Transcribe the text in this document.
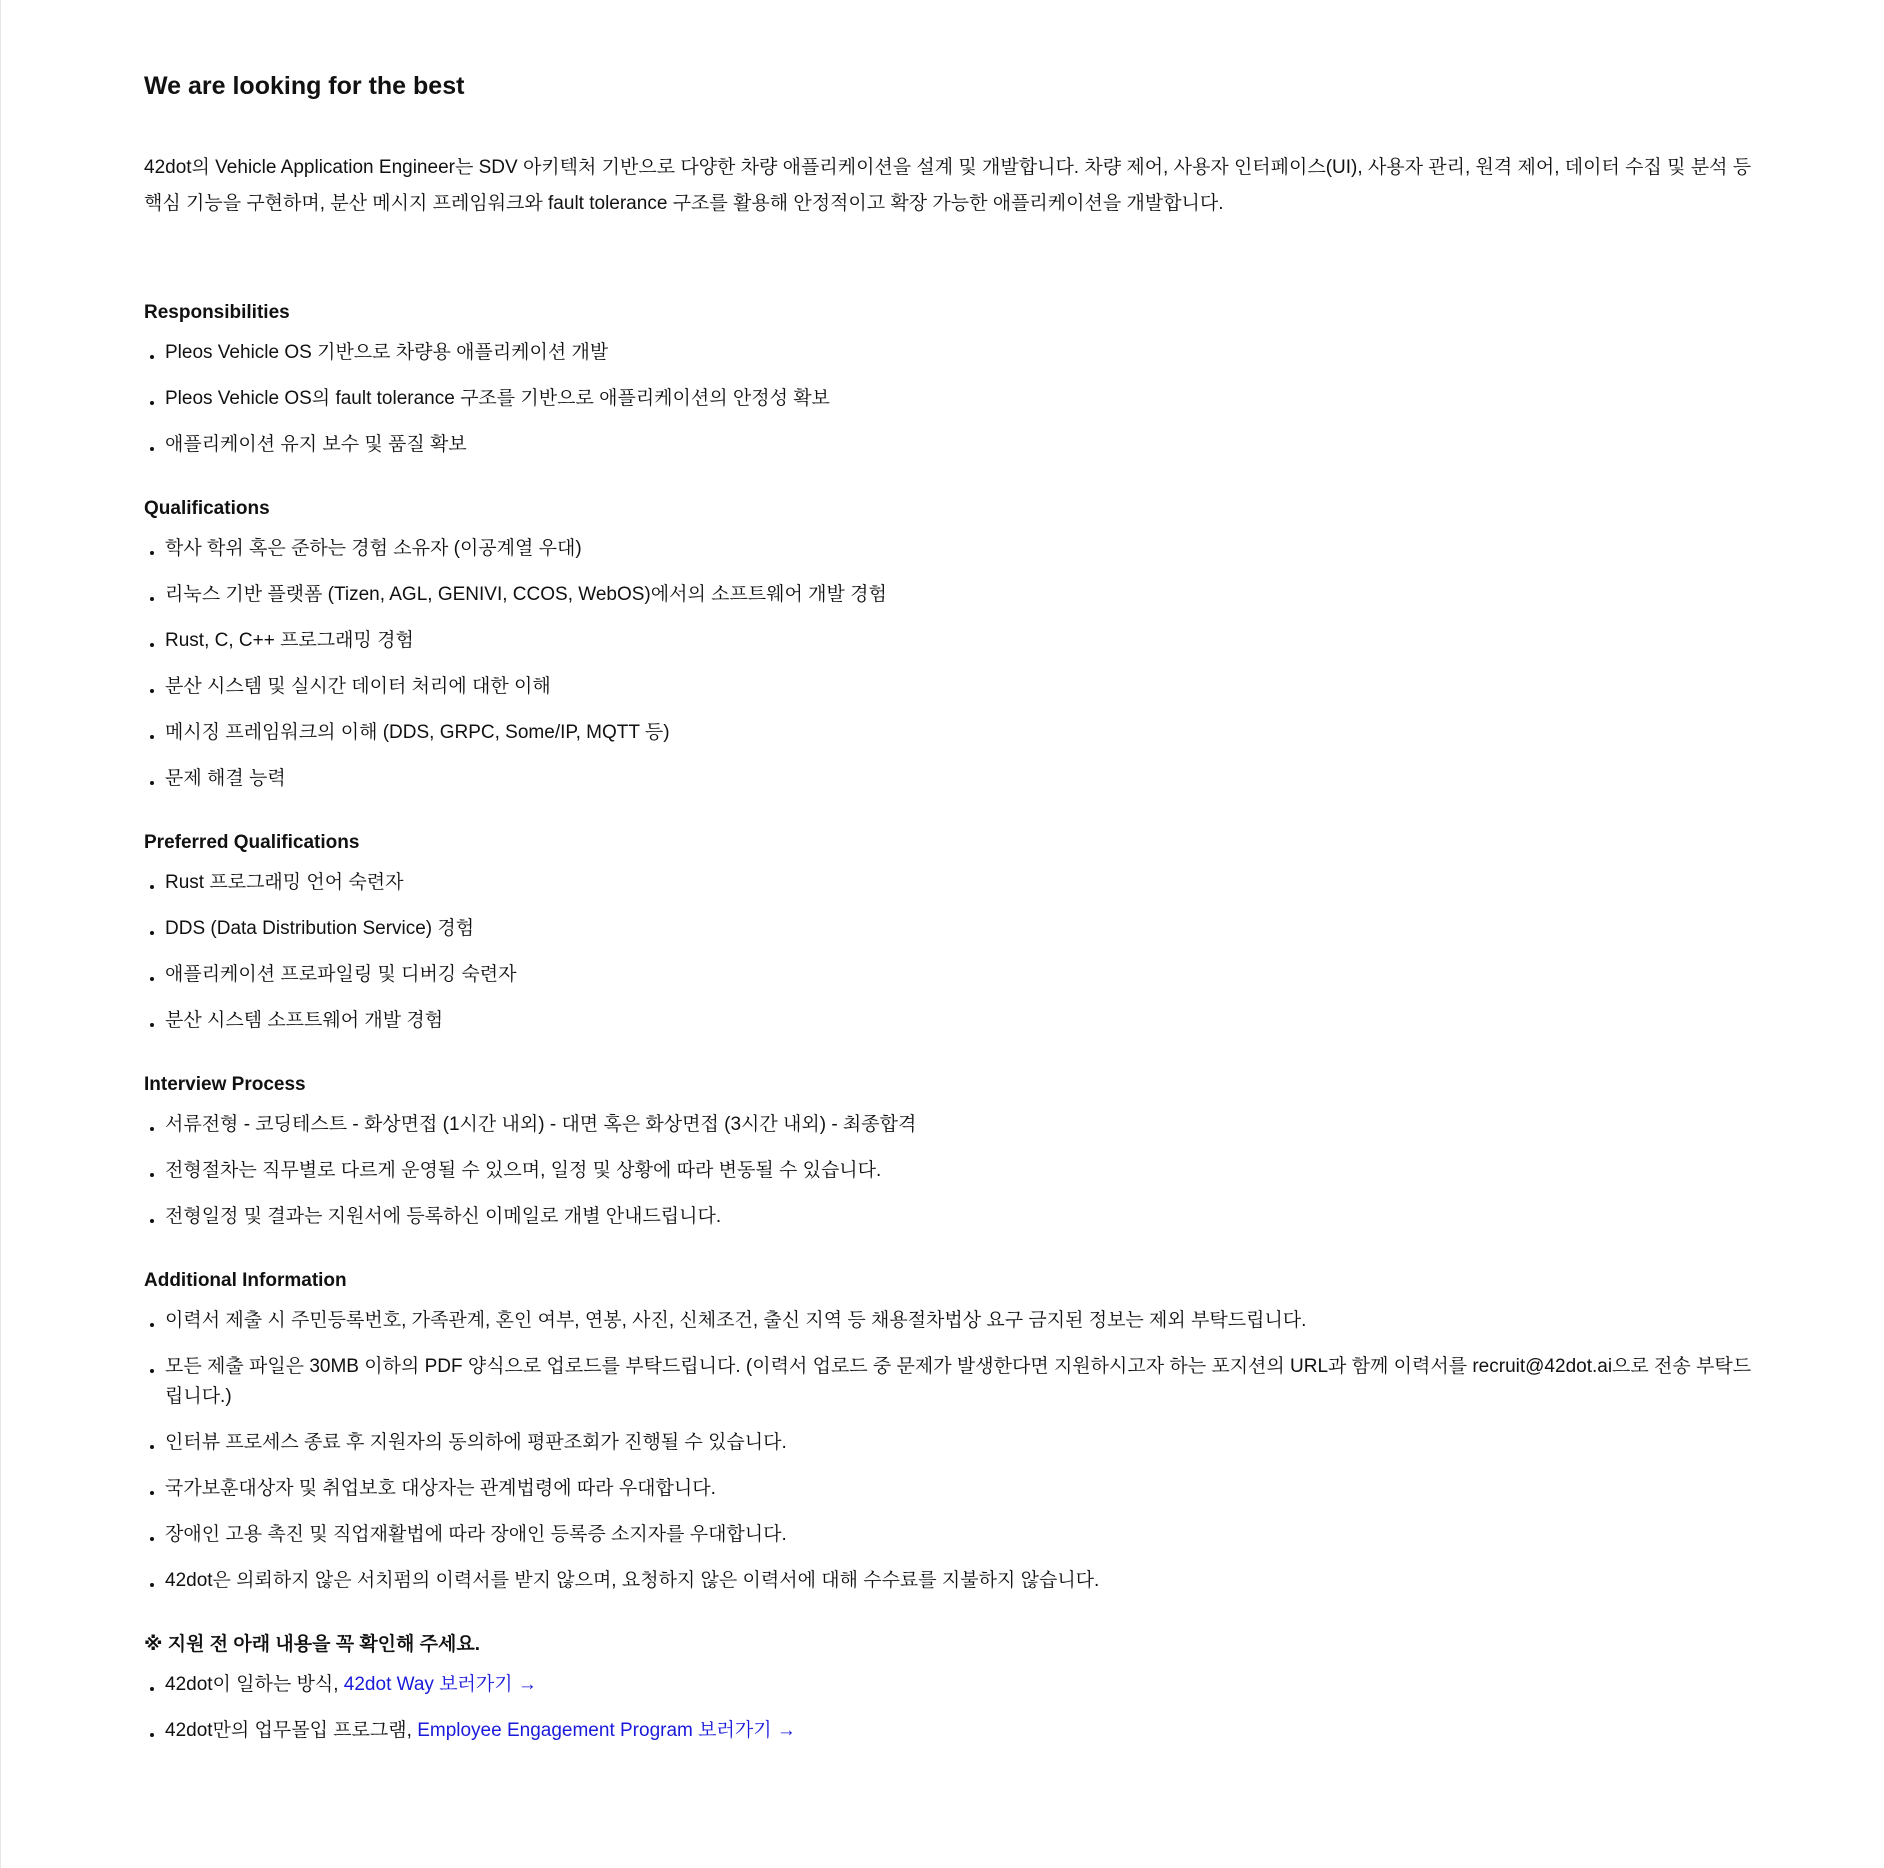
We are looking for the best

42dot의 Vehicle Application Engineer는 SDV 아키텍처 기반으로 다양한 차량 애플리케이션을 설계 및 개발합니다. 차량 제어, 사용자 인터페이스(UI), 사용자 관리, 원격 제어, 데이터 수집 및 분석 등 핵심 기능을 구현하며, 분산 메시지 프레임워크와 fault tolerance 구조를 활용해 안정적이고 확장 가능한 애플리케이션을 개발합니다.

Responsibilities
Pleos Vehicle OS 기반으로 차량용 애플리케이션 개발
Pleos Vehicle OS의 fault tolerance 구조를 기반으로 애플리케이션의 안정성 확보
애플리케이션 유지 보수 및 품질 확보
Qualifications
학사 학위 혹은 준하는 경험 소유자 (이공계열 우대)
리눅스 기반 플랫폼 (Tizen, AGL, GENIVI, CCOS, WebOS)에서의 소프트웨어 개발 경험
Rust, C, C++ 프로그래밍 경험
분산 시스템 및 실시간 데이터 처리에 대한 이해
메시징 프레임워크의 이해 (DDS, GRPC, Some/IP, MQTT 등)
문제 해결 능력
Preferred Qualifications
Rust 프로그래밍 언어 숙련자
DDS (Data Distribution Service) 경험
애플리케이션 프로파일링 및 디버깅 숙련자
분산 시스템 소프트웨어 개발 경험
Interview Process
서류전형 - 코딩테스트 - 화상면접 (1시간 내외) - 대면 혹은 화상면접 (3시간 내외) - 최종합격
전형절차는 직무별로 다르게 운영될 수 있으며, 일정 및 상황에 따라 변동될 수 있습니다.
전형일정 및 결과는 지원서에 등록하신 이메일로 개별 안내드립니다.
Additional Information
이력서 제출 시 주민등록번호, 가족관계, 혼인 여부, 연봉, 사진, 신체조건, 출신 지역 등 채용절차법상 요구 금지된 정보는 제외 부탁드립니다.
모든 제출 파일은 30MB 이하의 PDF 양식으로 업로드를 부탁드립니다. (이력서 업로드 중 문제가 발생한다면 지원하시고자 하는 포지션의 URL과 함께 이력서를 recruit@42dot.ai으로 전송 부탁드립니다.)
인터뷰 프로세스 종료 후 지원자의 동의하에 평판조회가 진행될 수 있습니다.
국가보훈대상자 및 취업보호 대상자는 관계법령에 따라 우대합니다.
장애인 고용 촉진 및 직업재활법에 따라 장애인 등록증 소지자를 우대합니다.
42dot은 의뢰하지 않은 서치펌의 이력서를 받지 않으며, 요청하지 않은 이력서에 대해 수수료를 지불하지 않습니다.
※ 지원 전 아래 내용을 꼭 확인해 주세요.
42dot이 일하는 방식, 42dot Way 보러가기 →
42dot만의 업무몰입 프로그램, Employee Engagement Program 보러가기 →
